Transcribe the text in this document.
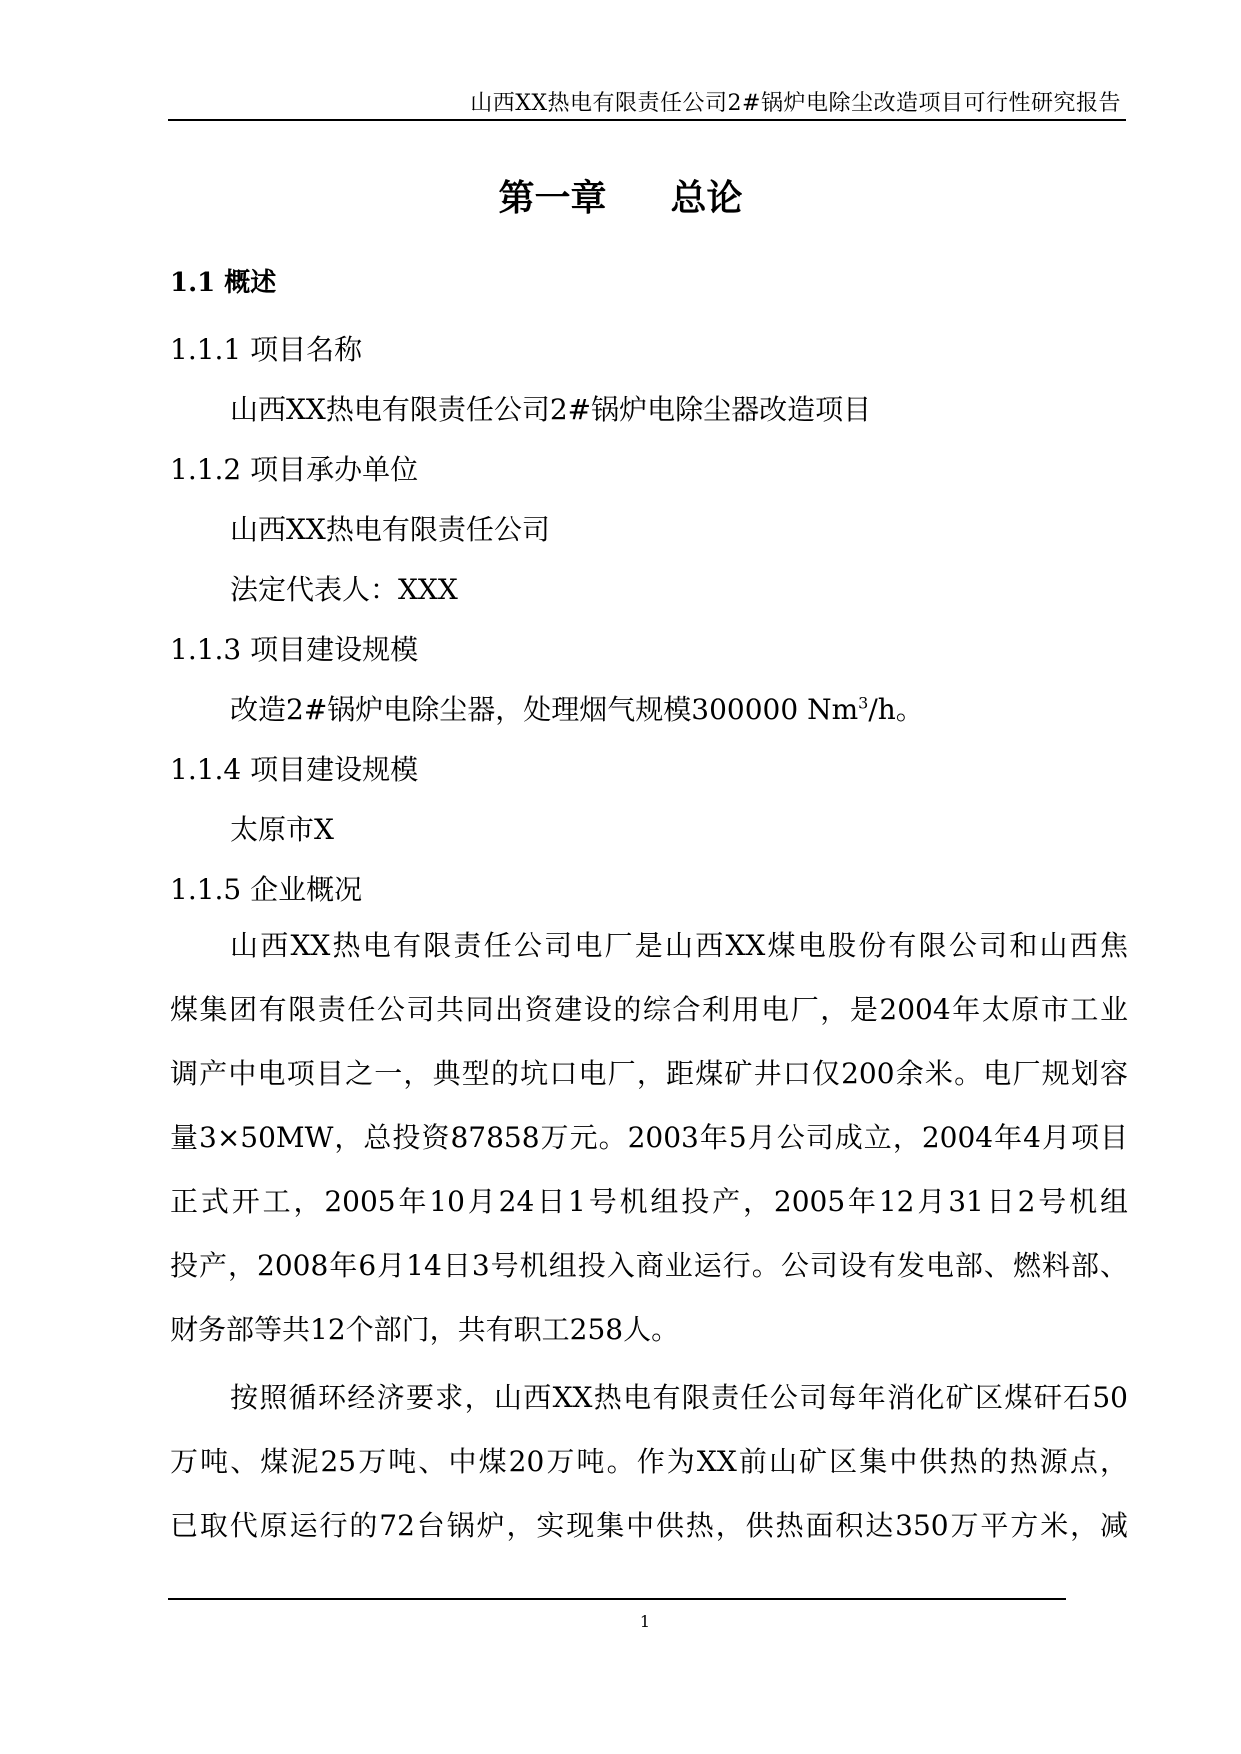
山西XX热电有限责任公司2#锅炉电除尘改造项目可行性研究报告
第一章 总论
1.1 概述
1.1.1 项目名称
山西XX热电有限责任公司2#锅炉电除尘器改造项目
1.1.2 项目承办单位
山西XX热电有限责任公司
法定代表人：XXX
1.1.3 项目建设规模
改造2#锅炉电除尘器，处理烟气规模300000 Nm$^3$/h。
1.1.4 项目建设规模
太原市X
1.1.5 企业概况
山西XX热电有限责任公司电厂是山西XX煤电股份有限公司和山西焦
煤集团有限责任公司共同出资建设的综合利用电厂，是2004年太原市工业
调产中电项目之一，典型的坑口电厂，距煤矿井口仅200余米。电厂规划容
量3×50MW，总投资87858万元。2003年5月公司成立，2004年4月项目
正式开工，2005年10月24日1号机组投产，2005年12月31日2号机组
投产，2008年6月14日3号机组投入商业运行。公司设有发电部、燃料部、
财务部等共12个部门，共有职工258人。
按照循环经济要求，山西XX热电有限责任公司每年消化矿区煤矸石50
万吨、煤泥25万吨、中煤20万吨。作为XX前山矿区集中供热的热源点，
已取代原运行的72台锅炉，实现集中供热，供热面积达350万平方米，减
1
